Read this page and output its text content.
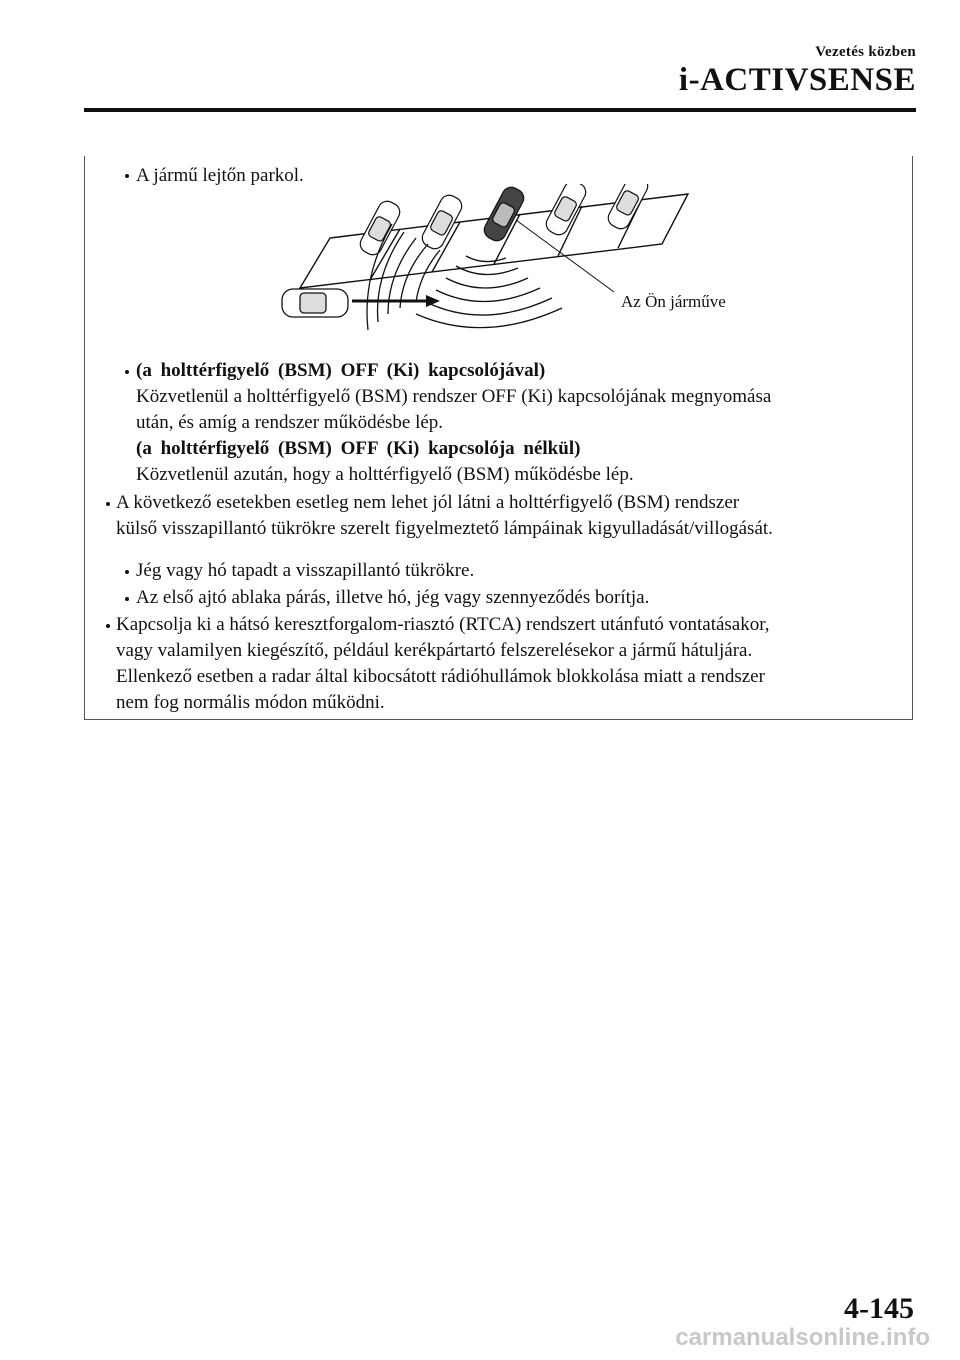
Vezetés közben
i-ACTIVSENSE
A jármű lejtőn parkol.
Az Ön járműve
(a holttérfigyelő (BSM) OFF (Ki) kapcsolójával)
Közvetlenül a holttérfigyelő (BSM) rendszer OFF (Ki) kapcsolójának megnyomása
után, és amíg a rendszer működésbe lép.
(a holttérfigyelő (BSM) OFF (Ki) kapcsolója nélkül)
Közvetlenül azután, hogy a holttérfigyelő (BSM) működésbe lép.
A következő esetekben esetleg nem lehet jól látni a holttérfigyelő (BSM) rendszer
külső visszapillantó tükrökre szerelt figyelmeztető lámpáinak kigyulladását/villogását.
Jég vagy hó tapadt a visszapillantó tükrökre.
Az első ajtó ablaka párás, illetve hó, jég vagy szennyeződés borítja.
Kapcsolja ki a hátsó keresztforgalom-riasztó (RTCA) rendszert utánfutó vontatásakor,
vagy valamilyen kiegészítő, például kerékpártartó felszerelésekor a jármű hátuljára.
Ellenkező esetben a radar által kibocsátott rádióhullámok blokkolása miatt a rendszer
nem fog normális módon működni.
4-145
carmanualsonline.info
